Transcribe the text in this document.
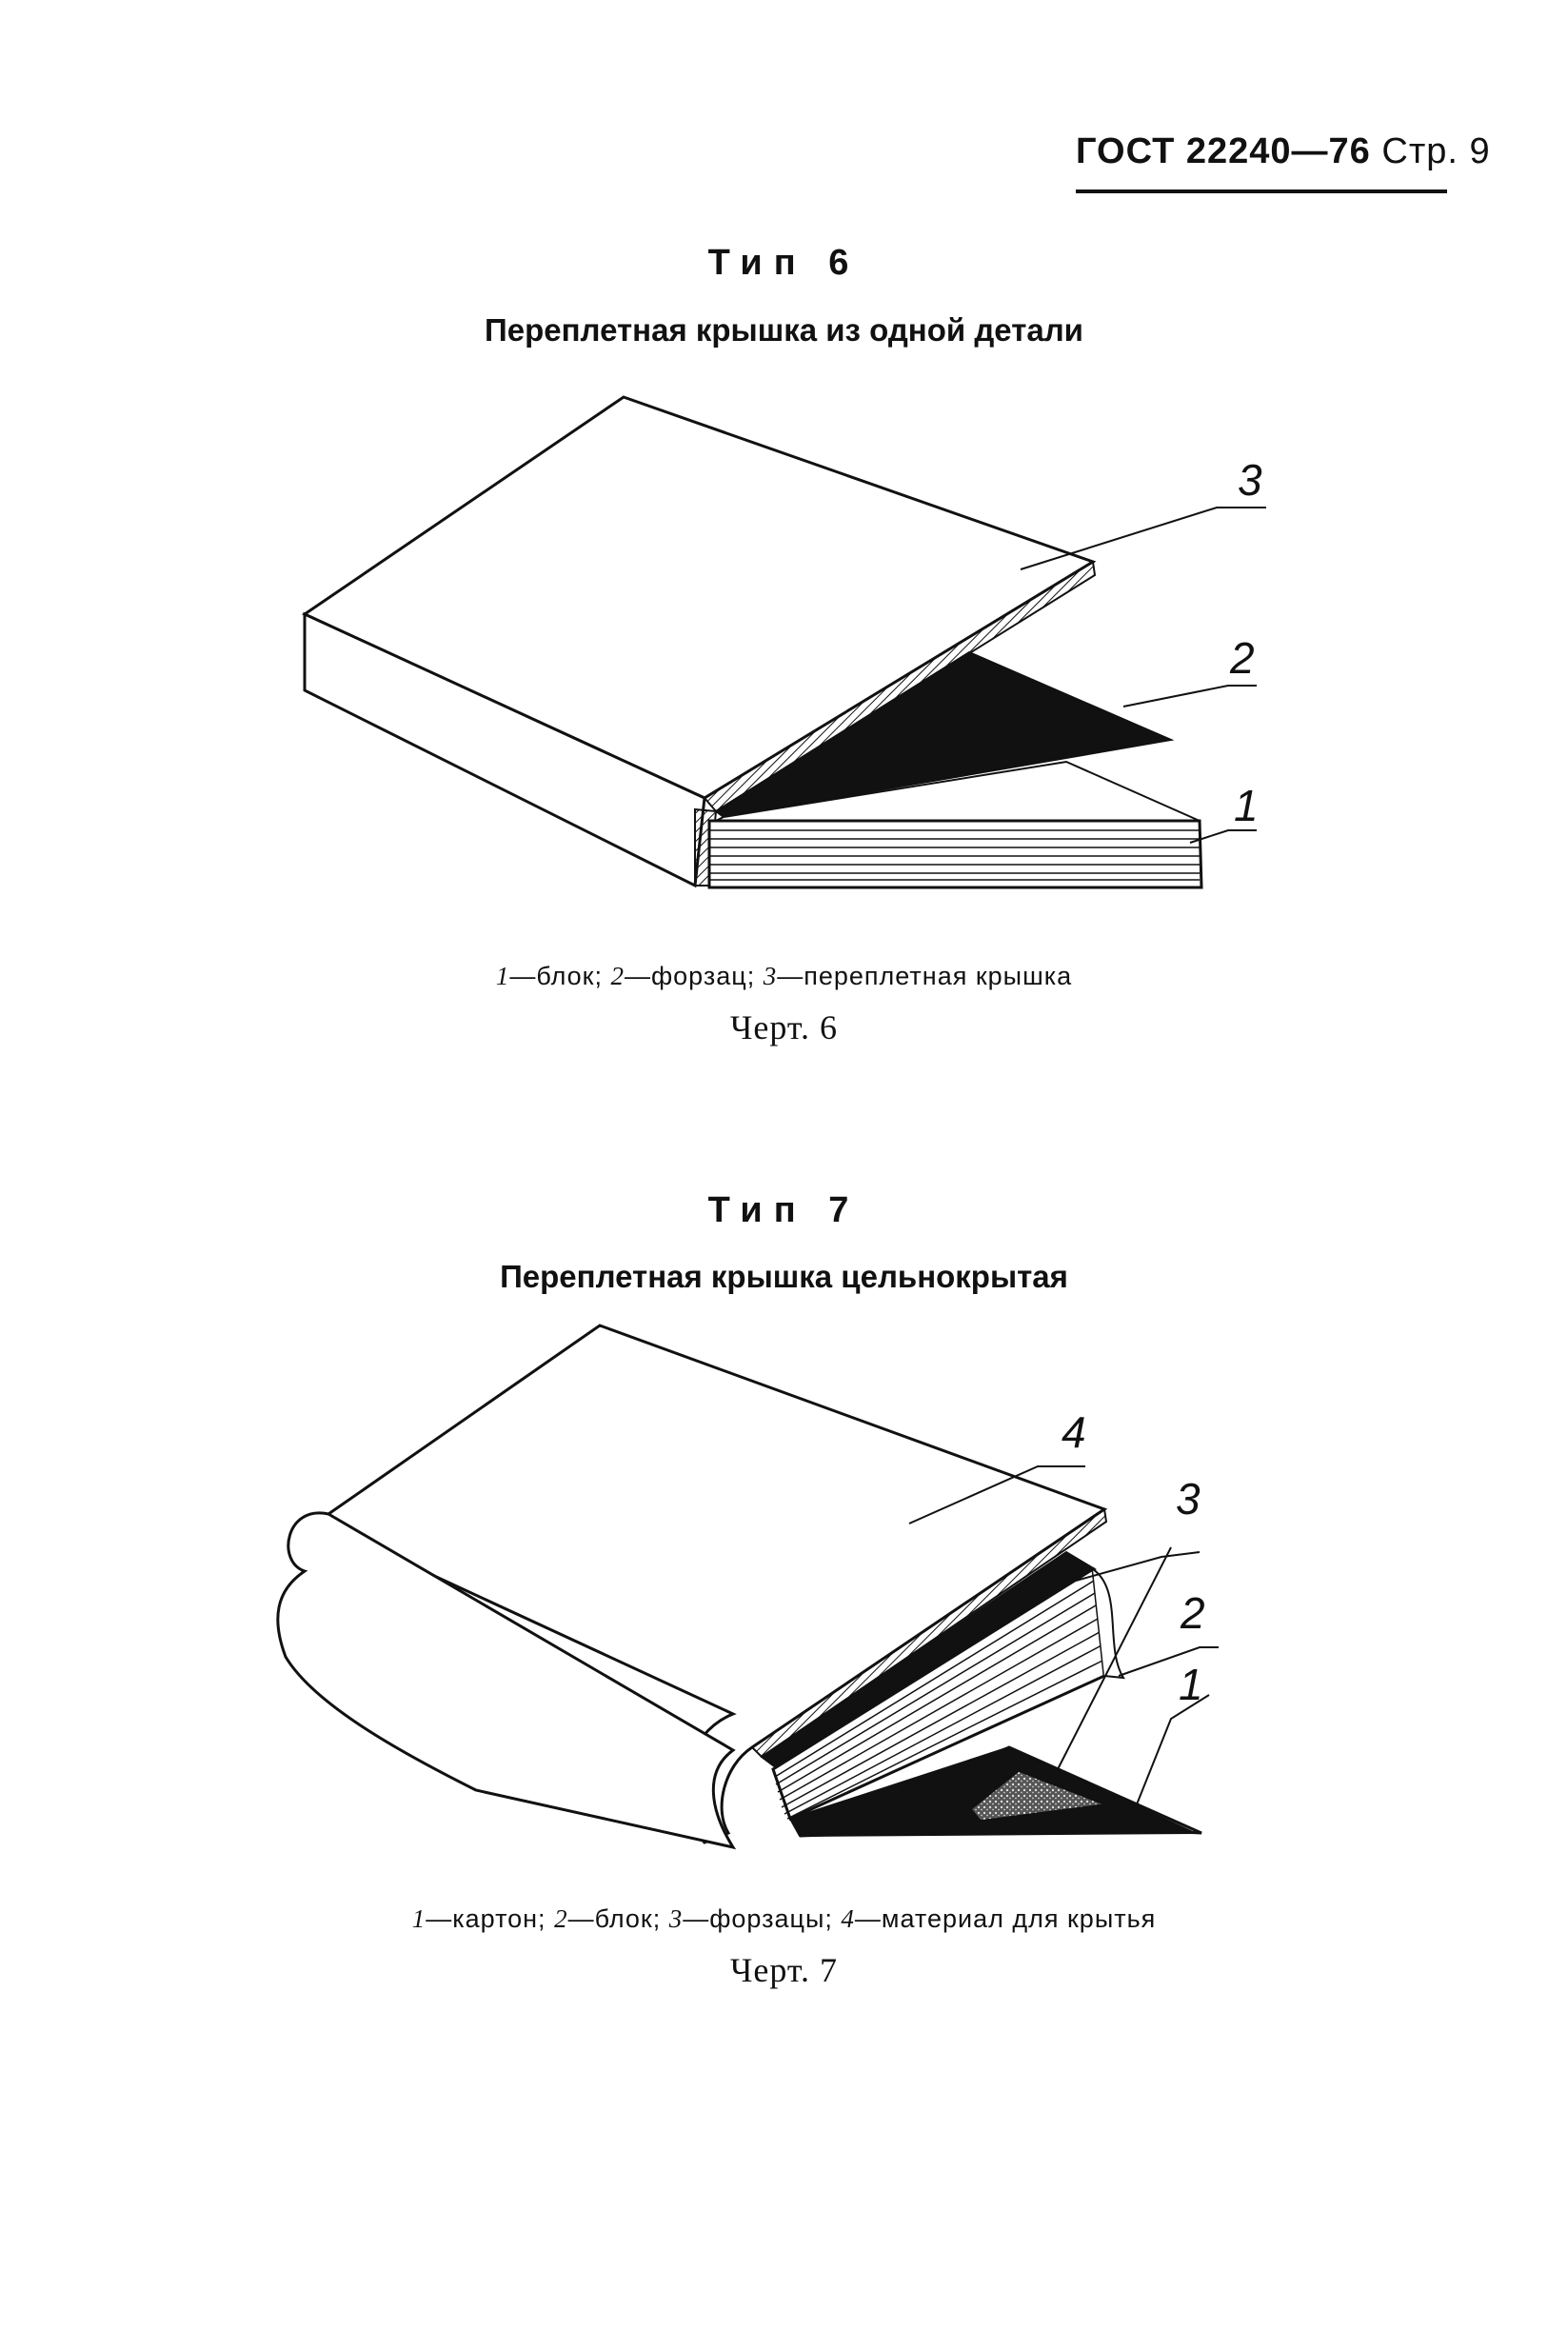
ГОСТ 22240—76 Стр. 9
Тип 6
Переплетная крышка из одной детали
3
2
1
1—блок; 2—форзац; 3—переплетная крышка
Черт. 6
Тип 7
Переплетная крышка цельнокрытая
4
3
2
1
1—картон; 2—блок; 3—форзацы; 4—материал для крытья
Черт. 7
